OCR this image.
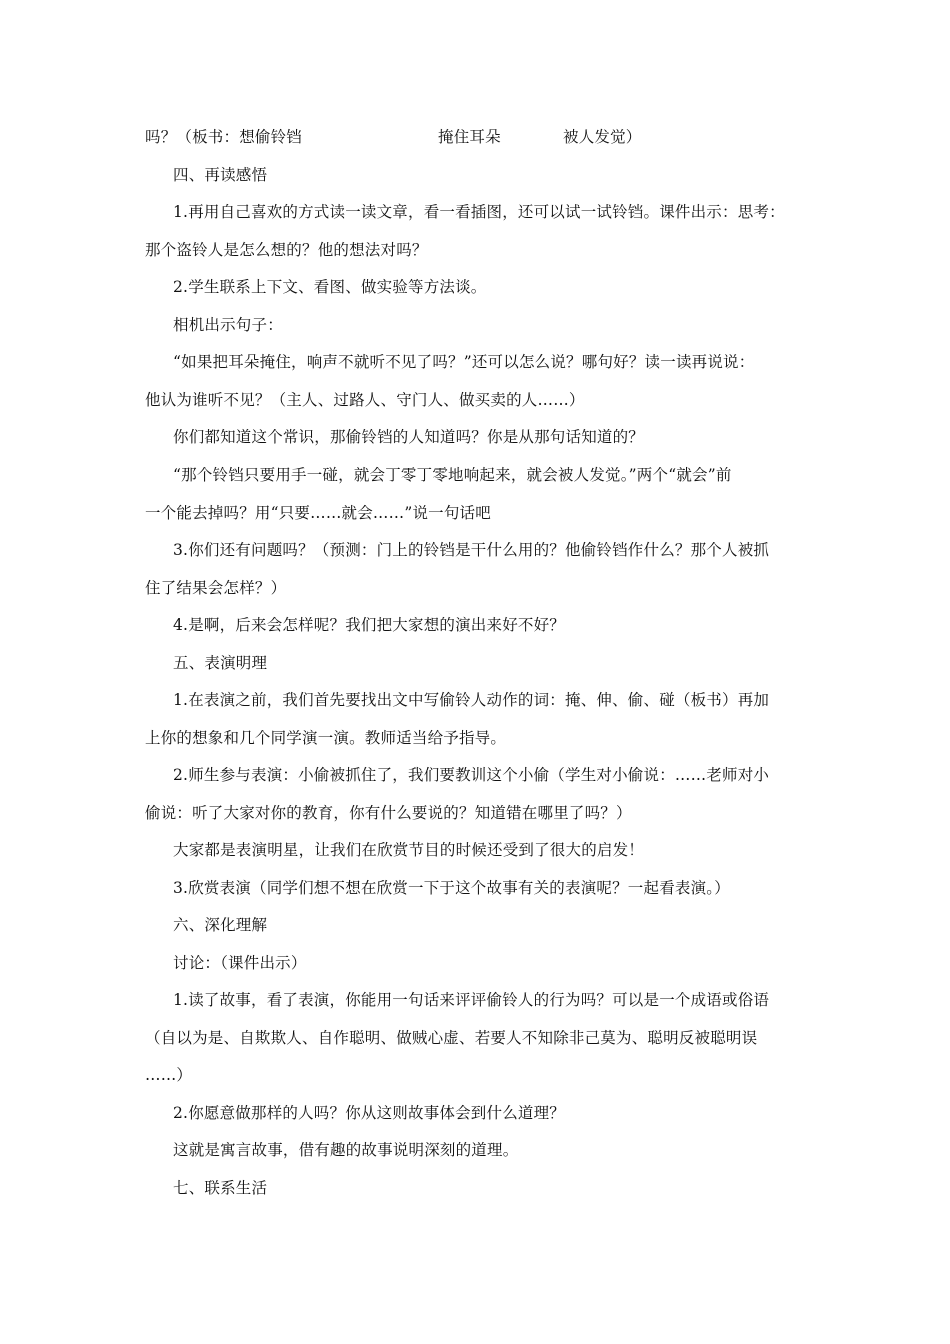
吗？（板书：想偷铃铛	掩住耳朵	被人发觉）
四、再读感悟
1.再用自己喜欢的方式读一读文章，看一看插图，还可以试一试铃铛。课件出示：思考：
那个盗铃人是怎么想的？他的想法对吗？
2.学生联系上下文、看图、做实验等方法谈。
相机出示句子：
“如果把耳朵掩住，响声不就听不见了吗？”还可以怎么说？哪句好？读一读再说说：
他认为谁听不见？（主人、过路人、守门人、做买卖的人……）
你们都知道这个常识，那偷铃铛的人知道吗？你是从那句话知道的？
“那个铃铛只要用手一碰，就会丁零丁零地响起来，就会被人发觉。”两个“就会”前
一个能去掉吗？用“只要……就会……”说一句话吧
3.你们还有问题吗？（预测：门上的铃铛是干什么用的？他偷铃铛作什么？那个人被抓
住了结果会怎样？）
4.是啊，后来会怎样呢？我们把大家想的演出来好不好？
五、表演明理
1.在表演之前，我们首先要找出文中写偷铃人动作的词：掩、伸、偷、碰（板书）再加
上你的想象和几个同学演一演。教师适当给予指导。
2.师生参与表演：小偷被抓住了，我们要教训这个小偷（学生对小偷说：……老师对小
偷说：听了大家对你的教育，你有什么要说的？知道错在哪里了吗？）
大家都是表演明星，让我们在欣赏节目的时候还受到了很大的启发！
3.欣赏表演（同学们想不想在欣赏一下于这个故事有关的表演呢？一起看表演。）
六、深化理解
讨论：（课件出示）
1.读了故事，看了表演，你能用一句话来评评偷铃人的行为吗？可以是一个成语或俗语
（自以为是、自欺欺人、自作聪明、做贼心虚、若要人不知除非己莫为、聪明反被聪明误
……）
2.你愿意做那样的人吗？你从这则故事体会到什么道理？
这就是寓言故事，借有趣的故事说明深刻的道理。
七、联系生活
